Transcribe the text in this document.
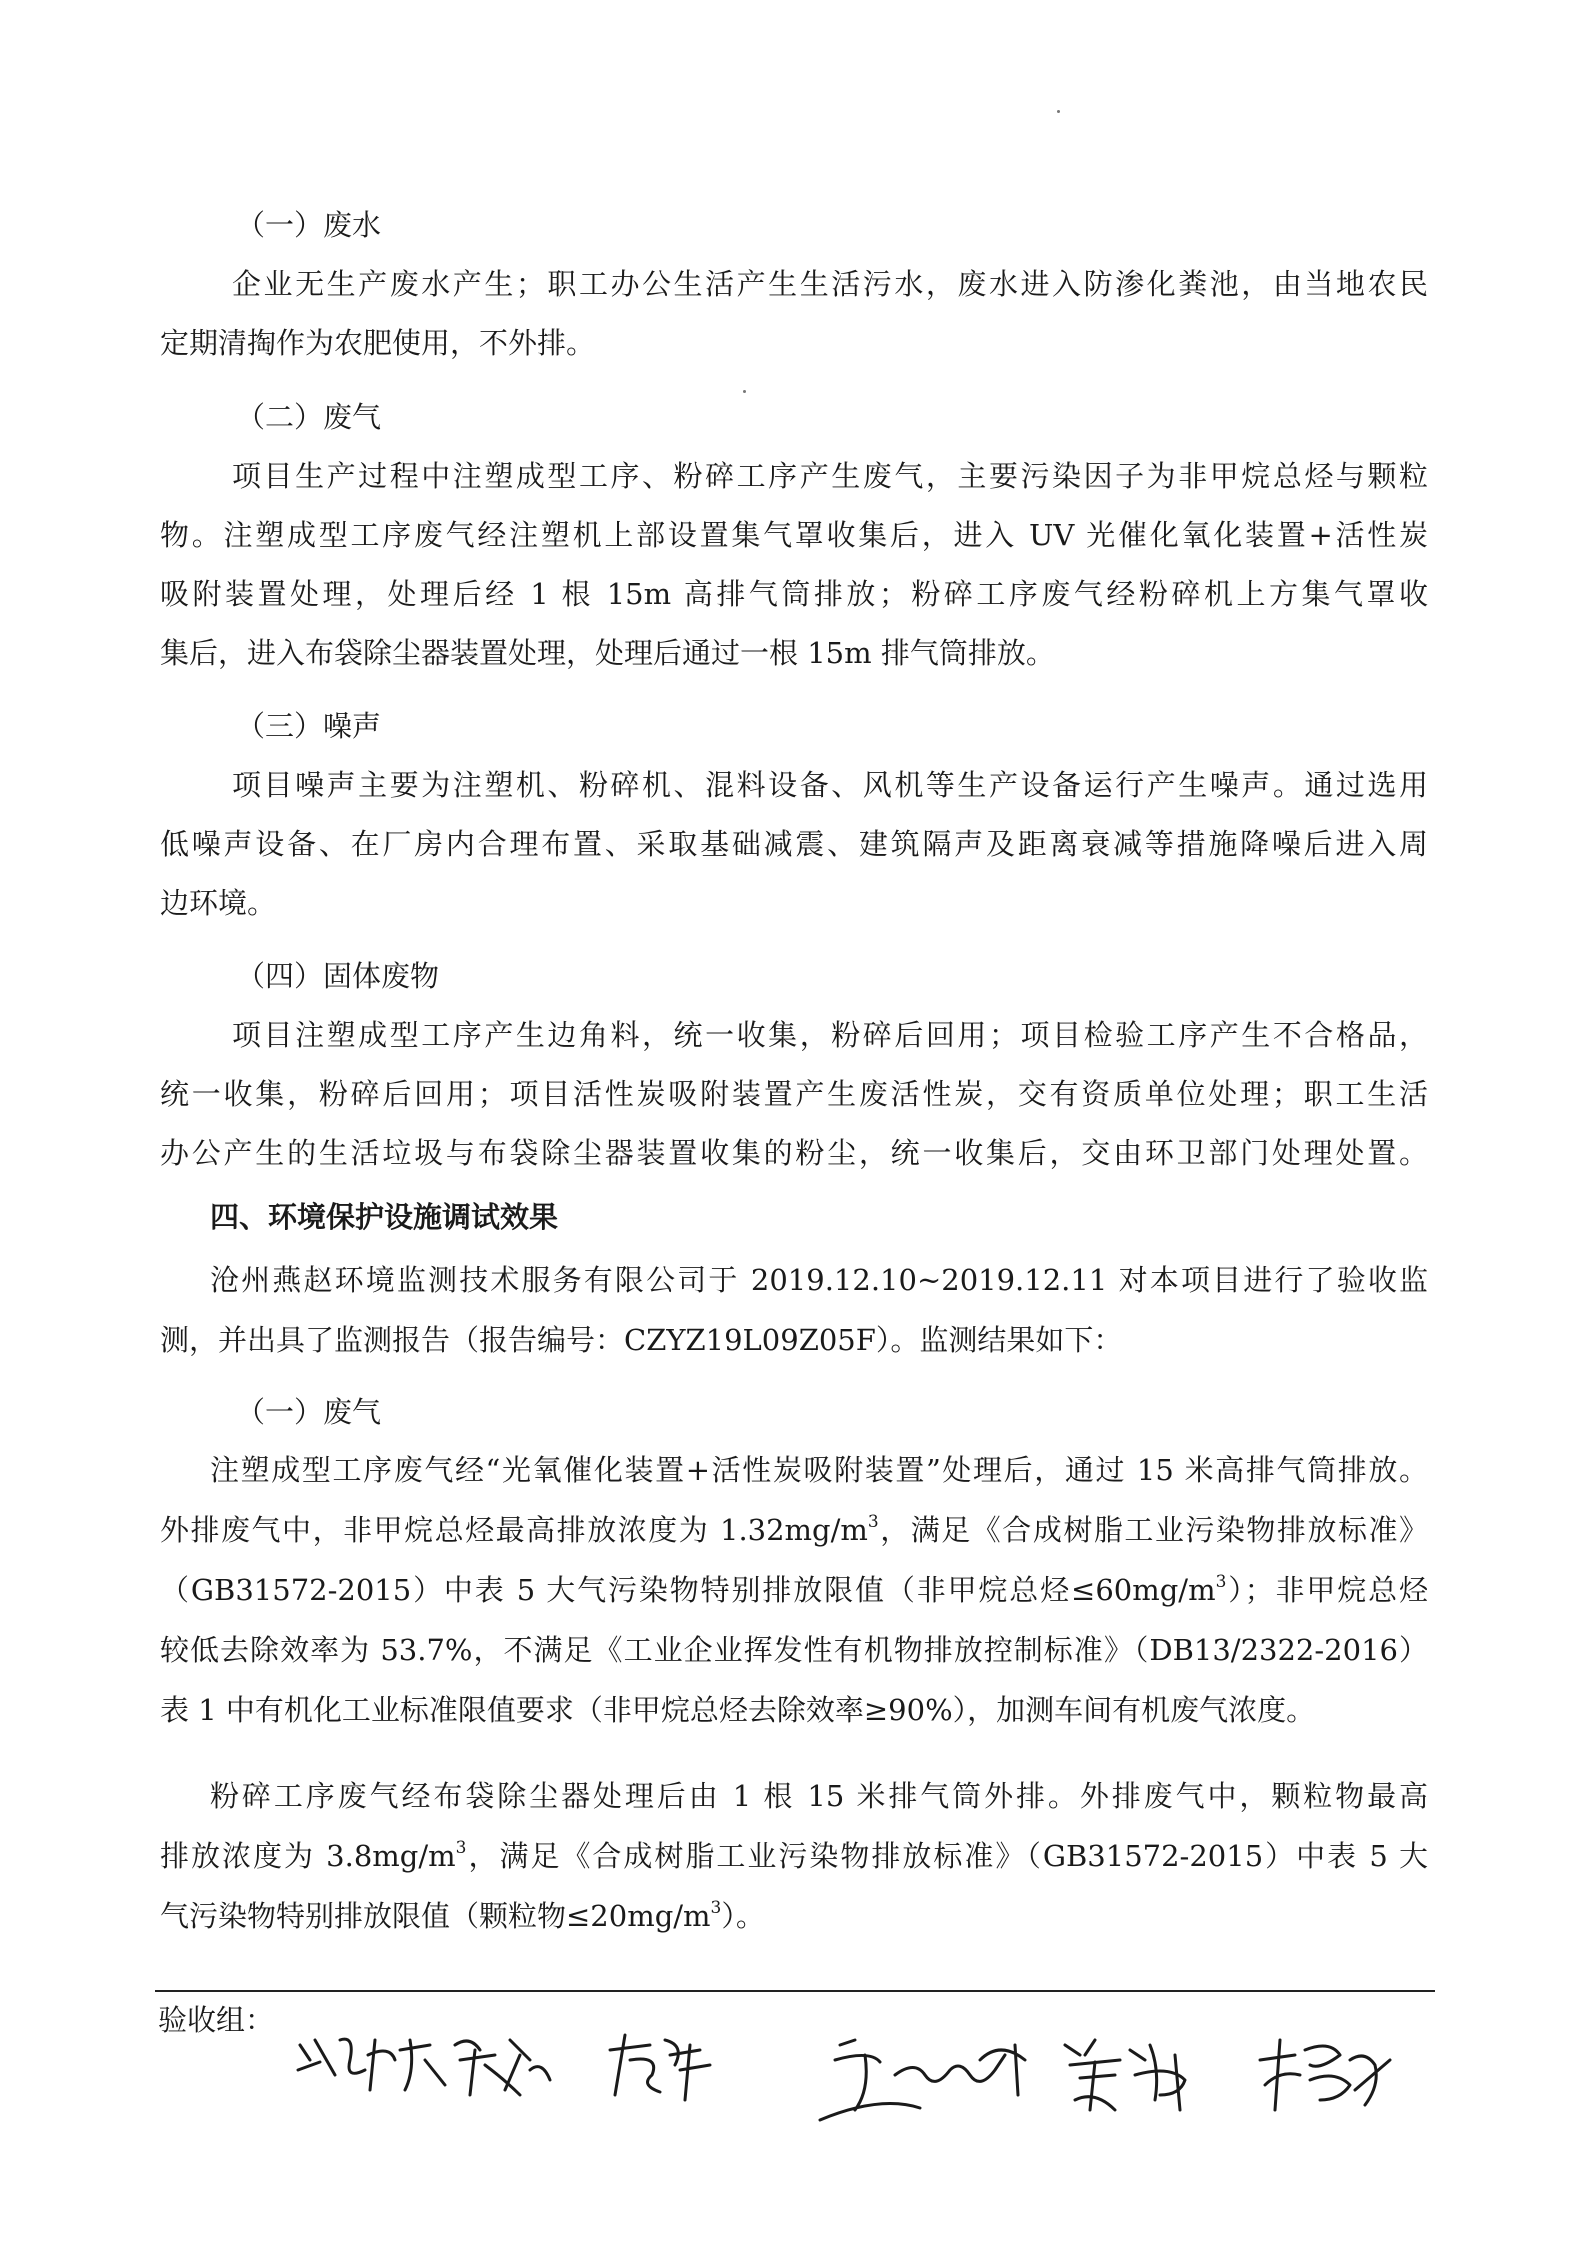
（一）废水
企业无生产废水产生；职工办公生活产生生活污水，废水进入防渗化粪池，由当地农民
定期清掏作为农肥使用，不外排。
（二）废气
项目生产过程中注塑成型工序、粉碎工序产生废气，主要污染因子为非甲烷总烃与颗粒
物。注塑成型工序废气经注塑机上部设置集气罩收集后，进入 UV 光催化氧化装置+活性炭
吸附装置处理，处理后经 1 根 15m 高排气筒排放；粉碎工序废气经粉碎机上方集气罩收
集后，进入布袋除尘器装置处理，处理后通过一根 15m 排气筒排放。
（三）噪声
项目噪声主要为注塑机、粉碎机、混料设备、风机等生产设备运行产生噪声。通过选用
低噪声设备、在厂房内合理布置、采取基础减震、建筑隔声及距离衰减等措施降噪后进入周
边环境。
（四）固体废物
项目注塑成型工序产生边角料，统一收集，粉碎后回用；项目检验工序产生不合格品，
统一收集，粉碎后回用；项目活性炭吸附装置产生废活性炭，交有资质单位处理；职工生活
办公产生的生活垃圾与布袋除尘器装置收集的粉尘，统一收集后，交由环卫部门处理处置。
四、环境保护设施调试效果
沧州燕赵环境监测技术服务有限公司于 2019.12.10~2019.12.11 对本项目进行了验收监
测，并出具了监测报告（报告编号：CZYZ19L09Z05F）。监测结果如下：
（一）废气
注塑成型工序废气经“光氧催化装置+活性炭吸附装置”处理后，通过 15 米高排气筒排放。
外排废气中，非甲烷总烃最高排放浓度为 $1.32mg/m^3$，满足《合成树脂工业污染物排放标准》
（GB31572-2015）中表 5 大气污染物特别排放限值（非甲烷总烃$\le 60mg/m^3$）；非甲烷总烃
较低去除效率为 53.7%，不满足《工业企业挥发性有机物排放控制标准》（DB13/2322-2016）
表 1 中有机化工业标准限值要求（非甲烷总烃去除效率≥90%），加测车间有机废气浓度。
粉碎工序废气经布袋除尘器处理后由 1 根 15 米排气筒外排。外排废气中，颗粒物最高
排放浓度为 $3.8mg/m^3$，满足《合成树脂工业污染物排放标准》（GB31572-2015）中表 5 大
气污染物特别排放限值（颗粒物$\le 20mg/m^3$）。
验收组：
